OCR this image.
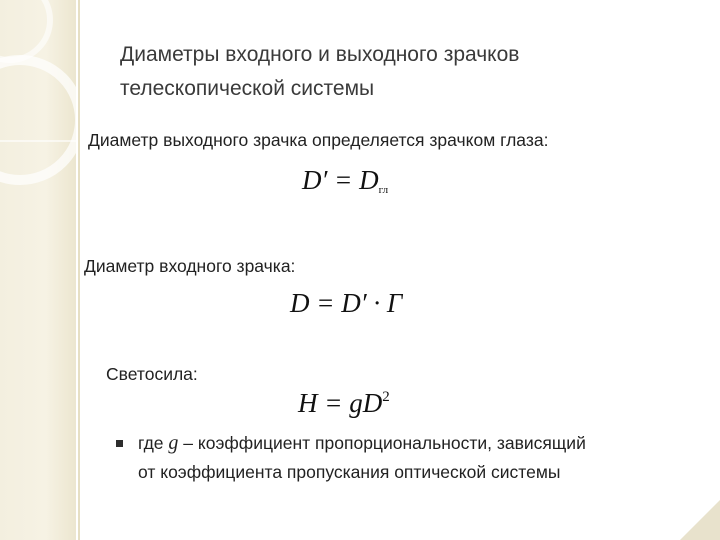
Диаметры входного и выходного зрачков
телескопической системы
Диаметр выходного зрачка определяется зрачком глаза:
$D' = D_{гл}$
Диаметр входного зрачка:
D = D′ · Γ
Светосила:
$H = gD^2$
где g – коэффициент пропорциональности, зависящий
от коэффициента пропускания оптической системы
